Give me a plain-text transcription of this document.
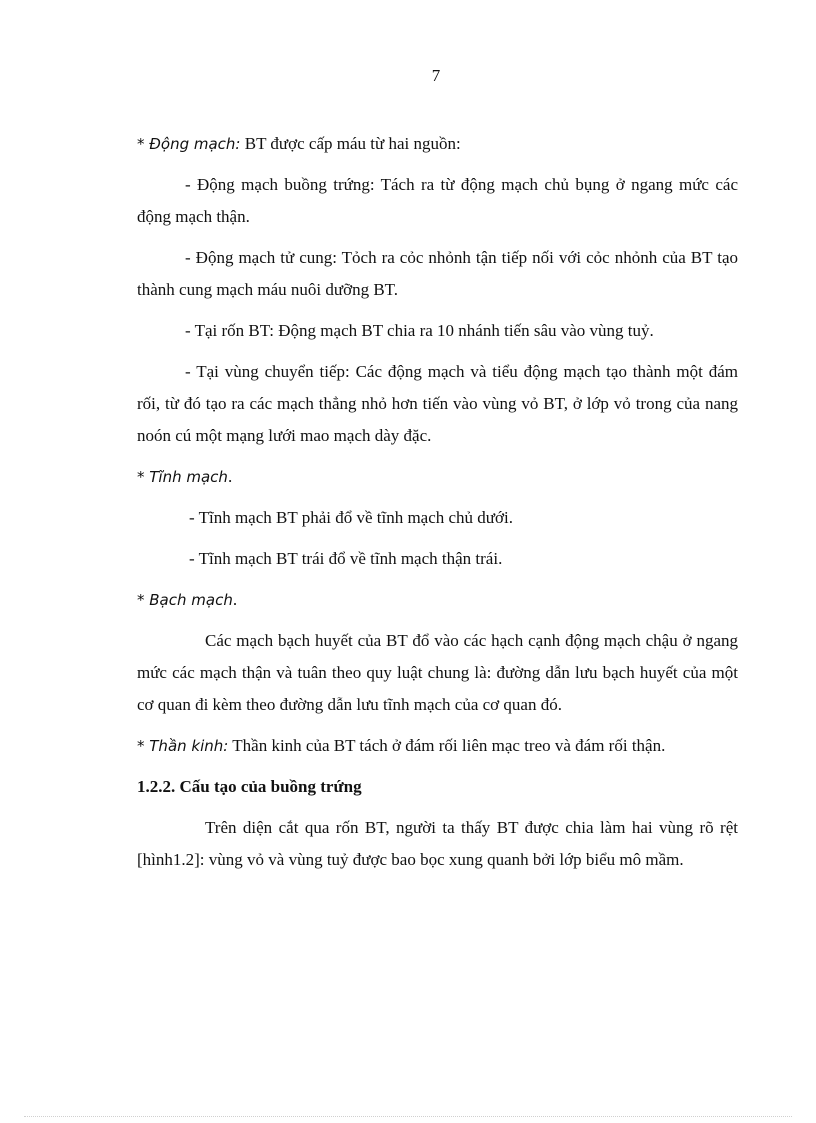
7

* Động mạch: BT được cấp máu từ hai nguồn:

- Động mạch buồng trứng: Tách ra từ động mạch chủ bụng ở ngang mức các động mạch thận.

- Động mạch tử cung: Tỏch ra cỏc nhỏnh tận tiếp nối với cỏc nhỏnh của BT tạo thành cung mạch máu nuôi dưỡng BT.

- Tại rốn BT: Động mạch BT chia ra 10 nhánh tiến sâu vào vùng tuỷ.

- Tại vùng chuyển tiếp: Các động mạch và tiểu động mạch tạo thành một đám rối, từ đó tạo ra các mạch thẳng nhỏ hơn tiến vào vùng vỏ BT, ở lớp vỏ trong của nang noón cú một mạng lưới mao mạch dày đặc.

* Tĩnh mạch.

- Tĩnh mạch BT phải đổ về tĩnh mạch chủ dưới.

- Tĩnh mạch BT trái đổ về tĩnh mạch thận trái.

* Bạch mạch.

Các mạch bạch huyết của BT đổ vào các hạch cạnh động mạch chậu ở ngang mức các mạch thận và tuân theo quy luật chung là: đường dẫn lưu bạch huyết của một cơ quan đi kèm theo đường dẫn lưu tĩnh mạch của cơ quan đó.

* Thần kinh: Thần kinh của BT tách ở đám rối liên mạc treo và đám rối thận.

1.2.2. Cấu tạo của buồng trứng

Trên diện cắt qua rốn BT, người ta thấy BT được chia làm hai vùng rõ rệt [hình1.2]: vùng vỏ và vùng tuỷ được bao bọc xung quanh bởi lớp biểu mô mầm.
